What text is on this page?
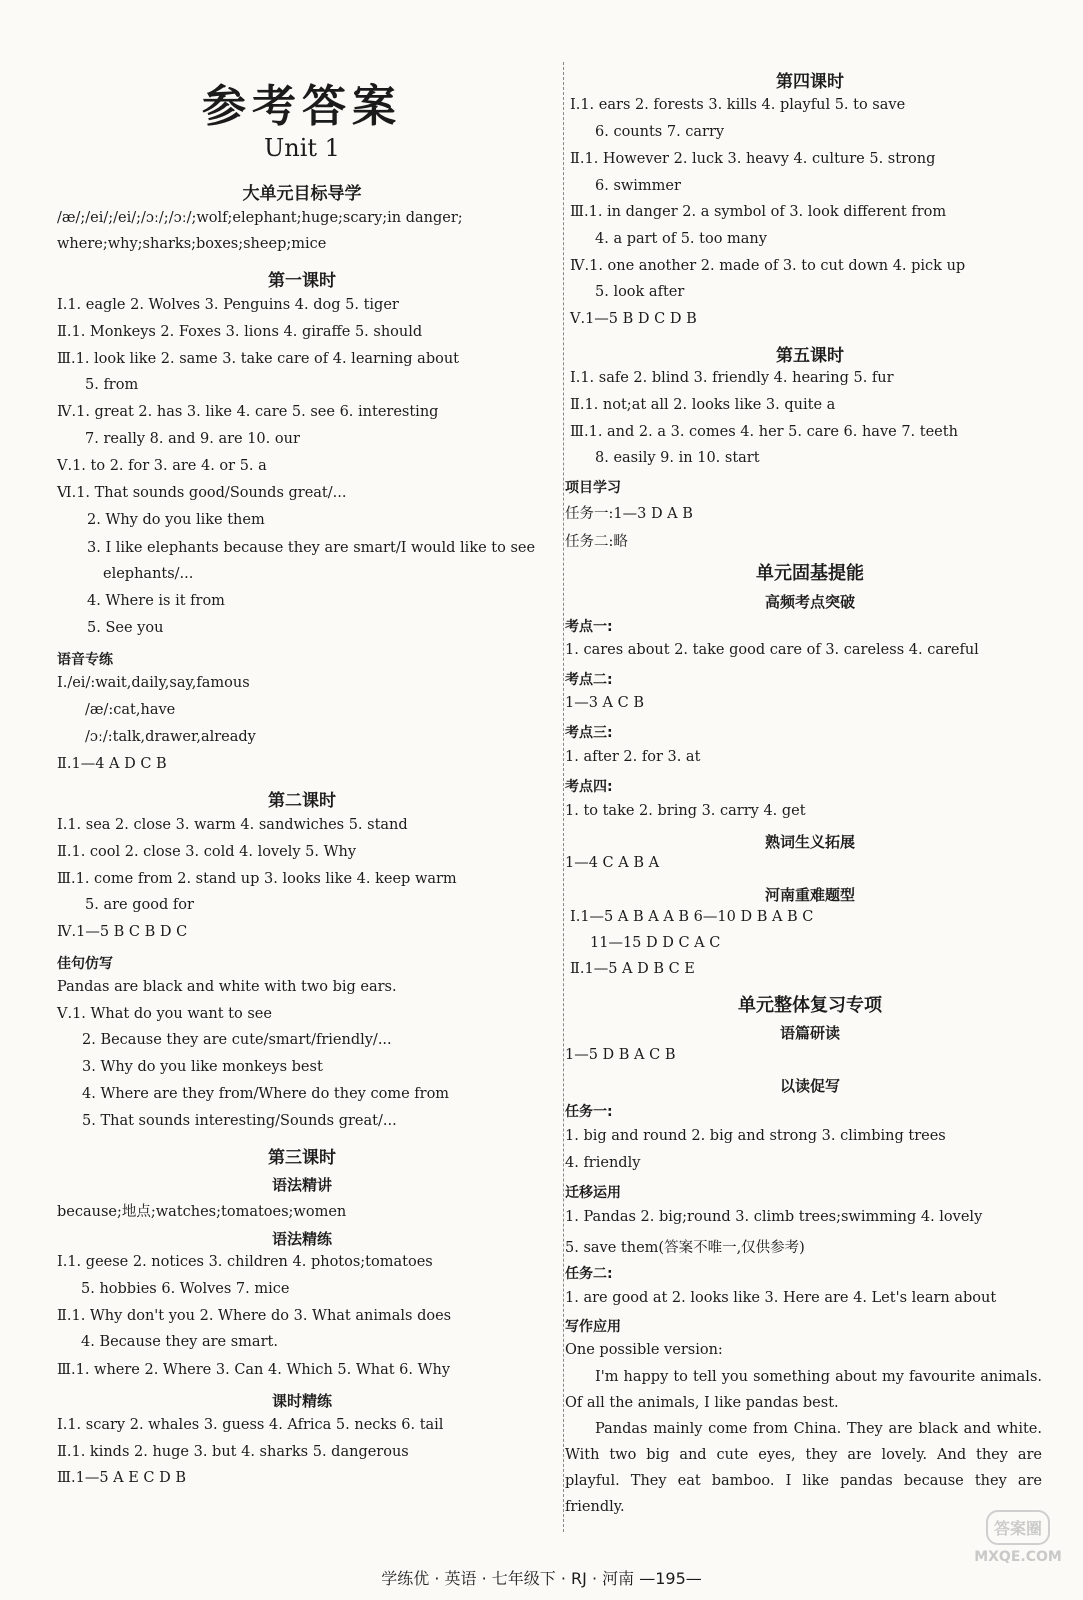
参考答案
Unit 1
大单元目标导学
/æ/;/ei/;/ei/;/ɔː/;/ɔː/;wolf;elephant;huge;scary;in danger;
where;why;sharks;boxes;sheep;mice
第一课时
Ⅰ.1. eagle 2. Wolves 3. Penguins 4. dog 5. tiger
Ⅱ.1. Monkeys 2. Foxes 3. lions 4. giraffe 5. should
Ⅲ.1. look like 2. same 3. take care of 4. learning about
5. from
Ⅳ.1. great 2. has 3. like 4. care 5. see 6. interesting
7. really 8. and 9. are 10. our
Ⅴ.1. to 2. for 3. are 4. or 5. a
Ⅵ.1. That sounds good/Sounds great/...
2. Why do you like them
3. I like elephants because they are smart/I would like to see
elephants/...
4. Where is it from
5. See you
语音专练
Ⅰ./ei/:wait,daily,say,famous
/æ/:cat,have
/ɔː/:talk,drawer,already
Ⅱ.1—4 A D C B
第二课时
Ⅰ.1. sea 2. close 3. warm 4. sandwiches 5. stand
Ⅱ.1. cool 2. close 3. cold 4. lovely 5. Why
Ⅲ.1. come from 2. stand up 3. looks like 4. keep warm
5. are good for
Ⅳ.1—5 B C B D C
佳句仿写
Pandas are black and white with two big ears.
Ⅴ.1. What do you want to see
2. Because they are cute/smart/friendly/...
3. Why do you like monkeys best
4. Where are they from/Where do they come from
5. That sounds interesting/Sounds great/...
第三课时
语法精讲
because;地点;watches;tomatoes;women
语法精练
Ⅰ.1. geese 2. notices 3. children 4. photos;tomatoes
5. hobbies 6. Wolves 7. mice
Ⅱ.1. Why don't you 2. Where do 3. What animals does
4. Because they are smart.
Ⅲ.1. where 2. Where 3. Can 4. Which 5. What 6. Why
课时精练
Ⅰ.1. scary 2. whales 3. guess 4. Africa 5. necks 6. tail
Ⅱ.1. kinds 2. huge 3. but 4. sharks 5. dangerous
Ⅲ.1—5 A E C D B
第四课时
Ⅰ.1. ears 2. forests 3. kills 4. playful 5. to save
6. counts 7. carry
Ⅱ.1. However 2. luck 3. heavy 4. culture 5. strong
6. swimmer
Ⅲ.1. in danger 2. a symbol of 3. look different from
4. a part of 5. too many
Ⅳ.1. one another 2. made of 3. to cut down 4. pick up
5. look after
Ⅴ.1—5 B D C D B
第五课时
Ⅰ.1. safe 2. blind 3. friendly 4. hearing 5. fur
Ⅱ.1. not;at all 2. looks like 3. quite a
Ⅲ.1. and 2. a 3. comes 4. her 5. care 6. have 7. teeth
8. easily 9. in 10. start
项目学习
任务一:1—3 D A B
任务二:略
单元固基提能
高频考点突破
考点一:
1. cares about 2. take good care of 3. careless 4. careful
考点二:
1—3 A C B
考点三:
1. after 2. for 3. at
考点四:
1. to take 2. bring 3. carry 4. get
熟词生义拓展
1—4 C A B A
河南重难题型
Ⅰ.1—5 A B A A B 6—10 D B A B C
11—15 D D C A C
Ⅱ.1—5 A D B C E
单元整体复习专项
语篇研读
1—5 D B A C B
以读促写
任务一:
1. big and round 2. big and strong 3. climbing trees
4. friendly
迁移运用
1. Pandas 2. big;round 3. climb trees;swimming 4. lovely
5. save them(答案不唯一,仅供参考)
任务二:
1. are good at 2. looks like 3. Here are 4. Let's learn about
写作应用
One possible version:
I'm happy to tell you something about my favourite animals. Of all the animals, I like pandas best.
Pandas mainly come from China. They are black and white. With two big and cute eyes, they are lovely. And they are playful. They eat bamboo. I like pandas because they are friendly.
学练优 · 英语 · 七年级下 · RJ · 河南 —195—
答案圈
MXQE.COM
